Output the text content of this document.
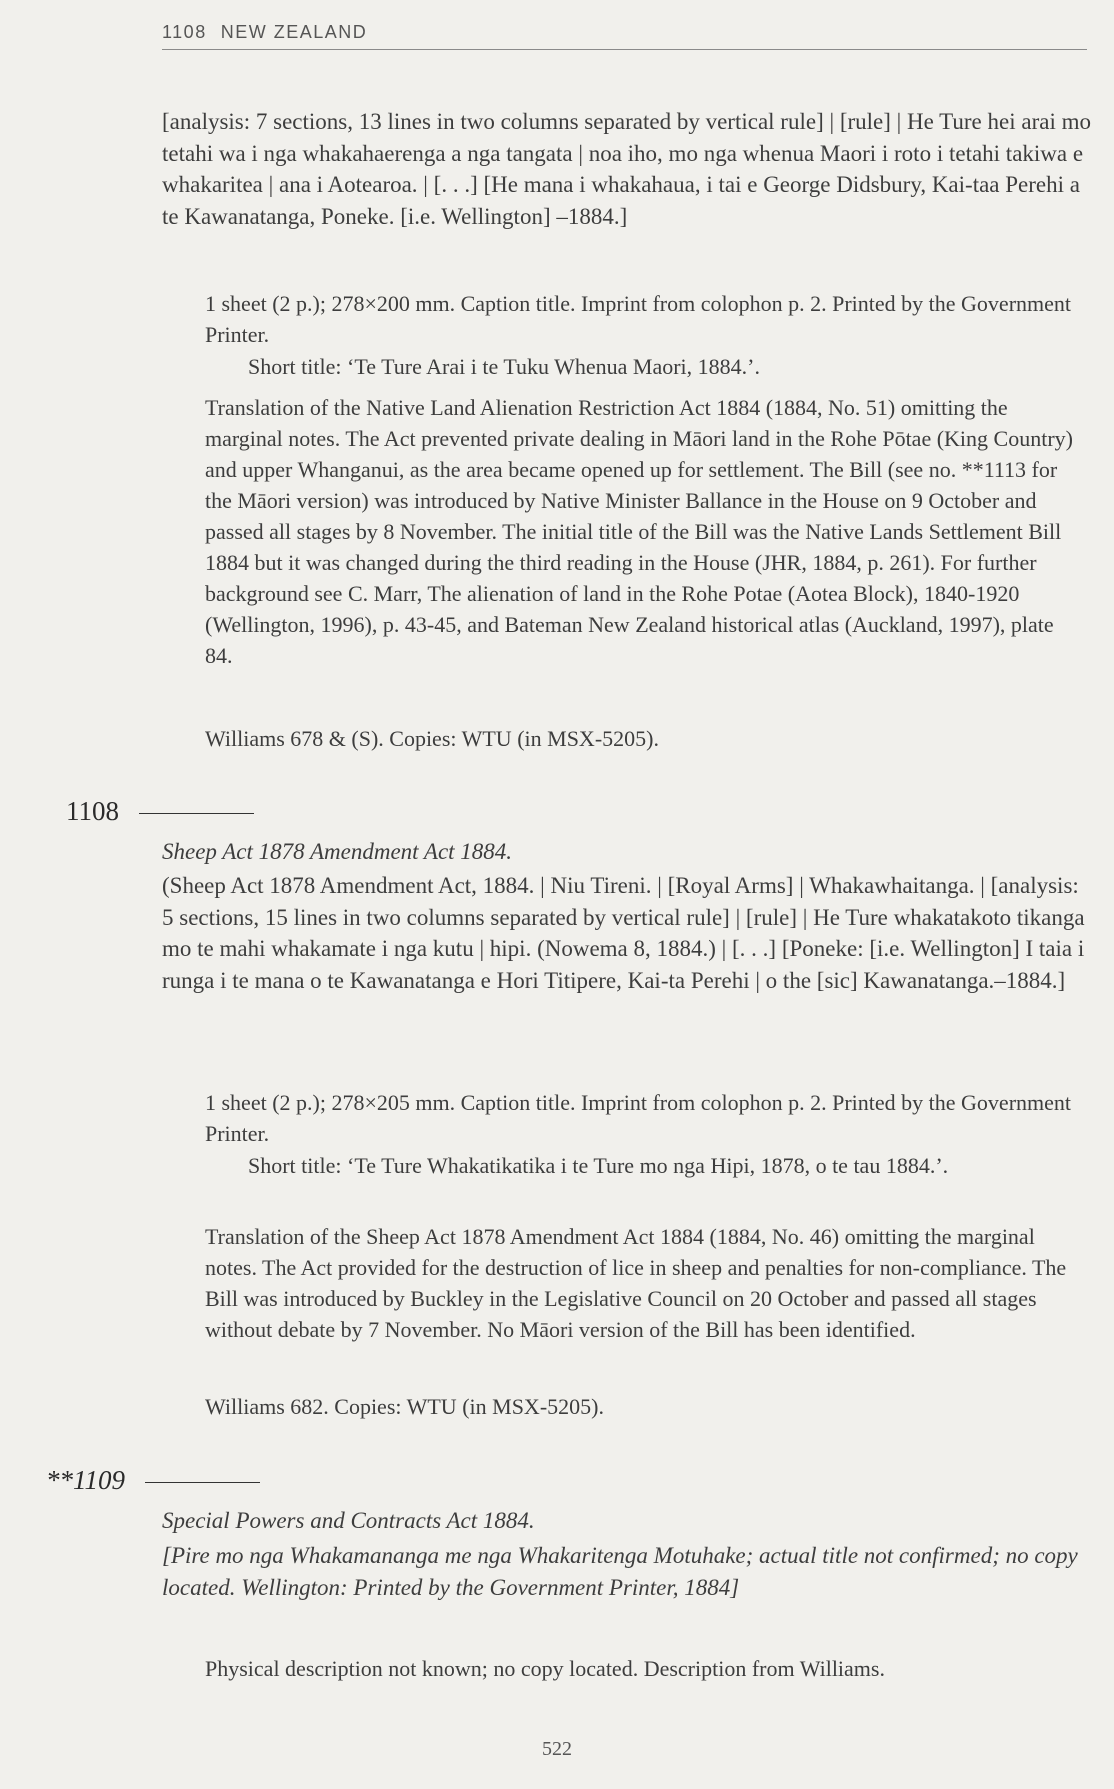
1108 NEW ZEALAND
[analysis: 7 sections, 13 lines in two columns separated by vertical rule] | [rule] | He Ture hei arai mo tetahi wa i nga whakahaerenga a nga tangata | noa iho, mo nga whenua Maori i roto i tetahi takiwa e whakaritea | ana i Aotearoa. | [. . .] [He mana i whakahaua, i tai e George Didsbury, Kai-taa Perehi a te Kawanatanga, Poneke. [i.e. Wellington] –1884.]
1 sheet (2 p.); 278×200 mm. Caption title. Imprint from colophon p. 2. Printed by the Government Printer.
Short title: ‘Te Ture Arai i te Tuku Whenua Maori, 1884.’.
Translation of the Native Land Alienation Restriction Act 1884 (1884, No. 51) omitting the marginal notes. The Act prevented private dealing in Māori land in the Rohe Pōtae (King Country) and upper Whanganui, as the area became opened up for settlement. The Bill (see no. **1113 for the Māori version) was introduced by Native Minister Ballance in the House on 9 October and passed all stages by 8 November. The initial title of the Bill was the Native Lands Settlement Bill 1884 but it was changed during the third reading in the House (JHR, 1884, p. 261). For further background see C. Marr, The alienation of land in the Rohe Potae (Aotea Block), 1840-1920 (Wellington, 1996), p. 43-45, and Bateman New Zealand historical atlas (Auckland, 1997), plate 84.
Williams 678 & (S). Copies: WTU (in MSX-5205).
1108
Sheep Act 1878 Amendment Act 1884.
(Sheep Act 1878 Amendment Act, 1884. | Niu Tireni. | [Royal Arms] | Whakawhaitanga. | [analysis: 5 sections, 15 lines in two columns separated by vertical rule] | [rule] | He Ture whakatakoto tikanga mo te mahi whakamate i nga kutu | hipi. (Nowema 8, 1884.) | [. . .] [Poneke: [i.e. Wellington] I taia i runga i te mana o te Kawanatanga e Hori Titipere, Kai-ta Perehi | o the [sic] Kawanatanga.–1884.]
1 sheet (2 p.); 278×205 mm. Caption title. Imprint from colophon p. 2. Printed by the Government Printer.
Short title: ‘Te Ture Whakatikatika i te Ture mo nga Hipi, 1878, o te tau 1884.’.
Translation of the Sheep Act 1878 Amendment Act 1884 (1884, No. 46) omitting the marginal notes. The Act provided for the destruction of lice in sheep and penalties for non-compliance. The Bill was introduced by Buckley in the Legislative Council on 20 October and passed all stages without debate by 7 November. No Māori version of the Bill has been identified.
Williams 682. Copies: WTU (in MSX-5205).
**1109
Special Powers and Contracts Act 1884.
[Pire mo nga Whakamananga me nga Whakaritenga Motuhake; actual title not confirmed; no copy located. Wellington: Printed by the Government Printer, 1884]
Physical description not known; no copy located. Description from Williams.
522
